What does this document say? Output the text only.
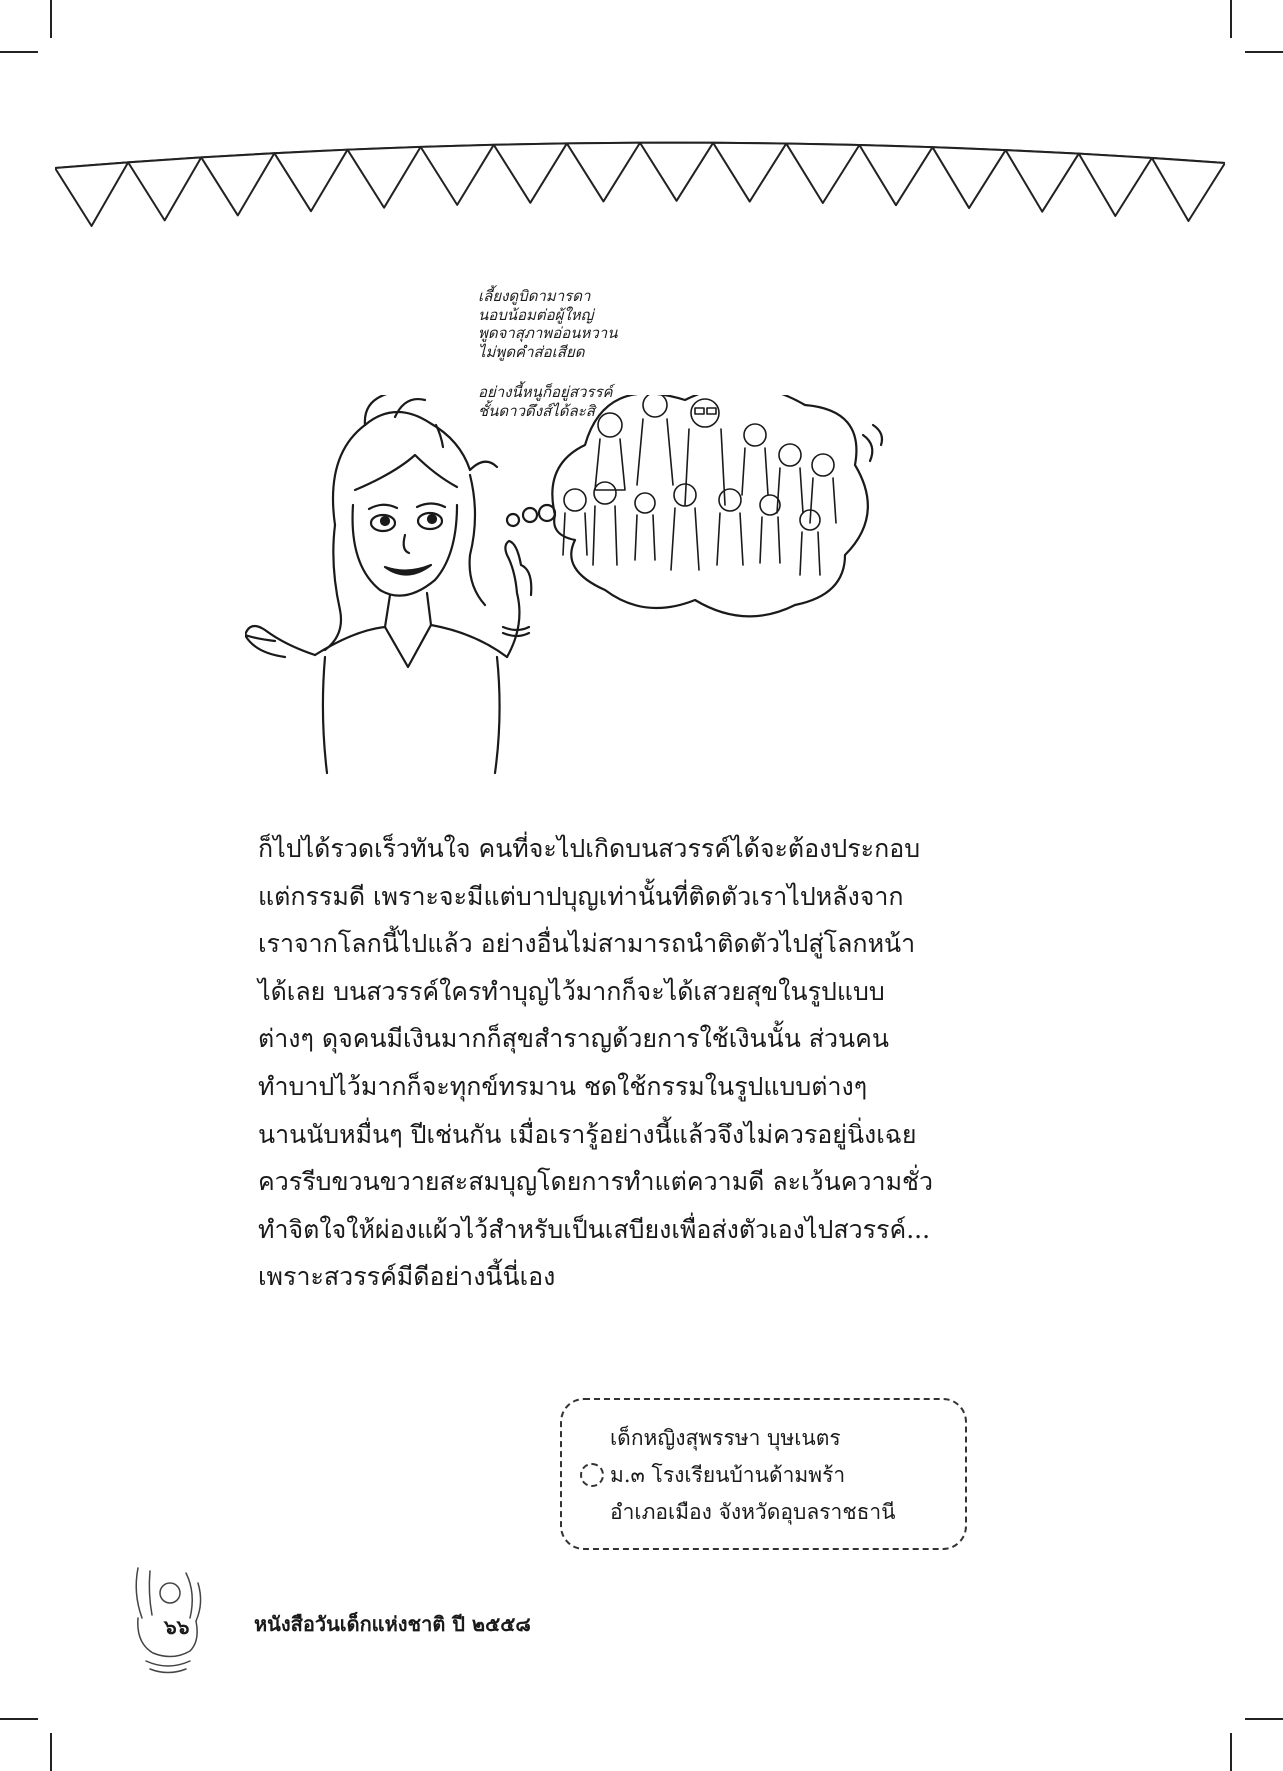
เลี้ยงดูบิดามารดา

นอบน้อมต่อผู้ใหญ่

พูดจาสุภาพอ่อนหวาน

ไม่พูดคำส่อเสียด

อย่างนี้หนูก็อยู่สวรรค์

ชั้นดาวดึงส์ได้ละสิ

ก็ไปได้รวดเร็วทันใจ คนที่จะไปเกิดบนสวรรค์ได้จะต้องประกอบ

แต่กรรมดี เพราะจะมีแต่บาปบุญเท่านั้นที่ติดตัวเราไปหลังจาก

เราจากโลกนี้ไปแล้ว อย่างอื่นไม่สามารถนำติดตัวไปสู่โลกหน้า

ได้เลย บนสวรรค์ใครทำบุญไว้มากก็จะได้เสวยสุขในรูปแบบ

ต่างๆ ดุจคนมีเงินมากก็สุขสำราญด้วยการใช้เงินนั้น ส่วนคน

ทำบาปไว้มากก็จะทุกข์ทรมาน ชดใช้กรรมในรูปแบบต่างๆ

นานนับหมื่นๆ ปีเช่นกัน เมื่อเรารู้อย่างนี้แล้วจึงไม่ควรอยู่นิ่งเฉย

ควรรีบขวนขวายสะสมบุญโดยการทำแต่ความดี ละเว้นความชั่ว

ทำจิตใจให้ผ่องแผ้วไว้สำหรับเป็นเสบียงเพื่อส่งตัวเองไปสวรรค์...

เพราะสวรรค์มีดีอย่างนี้นี่เอง

เด็กหญิงสุพรรษา บุษเนตร

ม.๓ โรงเรียนบ้านด้ามพร้า

อำเภอเมือง จังหวัดอุบลราชธานี

๖๖	หนังสือวันเด็กแห่งชาติ ปี ๒๕๕๘
